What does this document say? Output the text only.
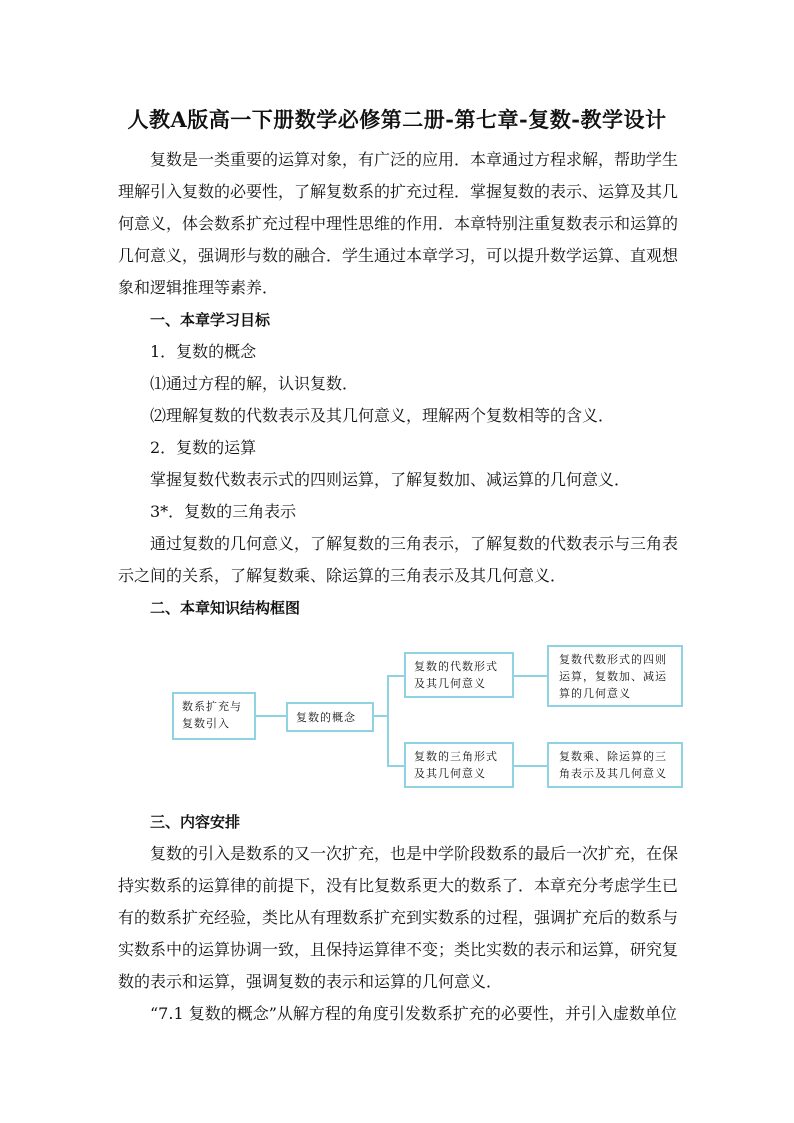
人教A版高一下册数学必修第二册-第七章-复数-教学设计

复数是一类重要的运算对象，有广泛的应用．本章通过方程求解，帮助学生理解引入复数的必要性，了解复数系的扩充过程．掌握复数的表示、运算及其几何意义，体会数系扩充过程中理性思维的作用．本章特别注重复数表示和运算的几何意义，强调形与数的融合．学生通过本章学习，可以提升数学运算、直观想象和逻辑推理等素养．

一、本章学习目标
1．复数的概念
⑴通过方程的解，认识复数．
⑵理解复数的代数表示及其几何意义，理解两个复数相等的含义．
2．复数的运算
掌握复数代数表示式的四则运算，了解复数加、减运算的几何意义．
3*．复数的三角表示

通过复数的几何意义，了解复数的三角表示，了解复数的代数表示与三角表示之间的关系，了解复数乘、除运算的三角表示及其几何意义．

二、本章知识结构框图
数系扩充与复数引入	复数的概念
复数的代数形式及其几何意义
复数代数形式的四则运算，复数加、减运算的几何意义
复数的三角形式及其几何意义
复数乘、除运算的三角表示及其几何意义
三、内容安排

复数的引入是数系的又一次扩充，也是中学阶段数系的最后一次扩充，在保持实数系的运算律的前提下，没有比复数系更大的数系了．本章充分考虑学生已有的数系扩充经验，类比从有理数系扩充到实数系的过程，强调扩充后的数系与实数系中的运算协调一致，且保持运算律不变；类比实数的表示和运算，研究复数的表示和运算，强调复数的表示和运算的几何意义．

“7.1 复数的概念”从解方程的角度引发数系扩充的必要性，并引入虚数单位
